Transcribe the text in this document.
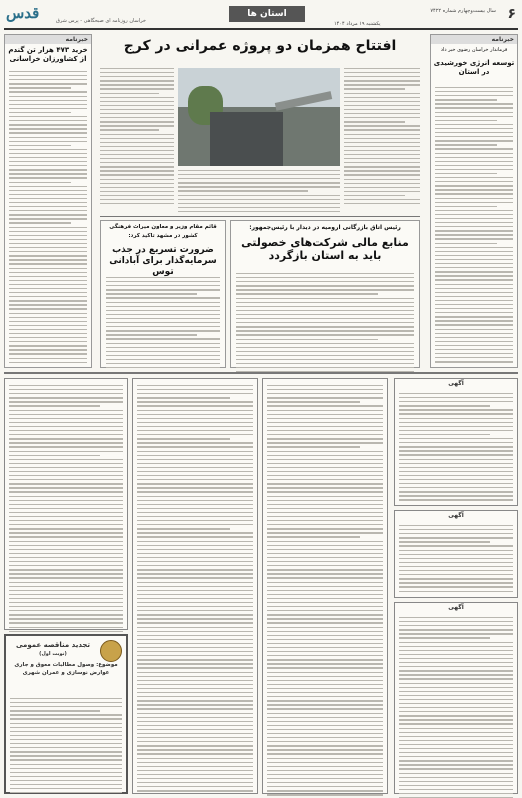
۶
سال بیست‌وچهارم شماره ۷۴۲۲
استان ها
یکشنبه ۱۹ مرداد ۱۴۰۴
قدس	خراسان روزنامه ای صبحگاهی - پرس شرق
خبرنامه
فرماندار خراسان رضوی خبر داد
توسعه انرژی خورشیدی در استان
خبرنامه
خرید ۴۷۳ هزار تن گندم از کشاورزان خراسانی
افتتاح همزمان دو پروژه عمرانی در کرج
رئیس اتاق بازرگانی ارومیه در دیدار با رئیس‌جمهور:
منابع مالی شرکت‌های خصولتی باید به استان بازگردد
قائم مقام وزیر و معاون میراث فرهنگی کشور در مشهد تاکید کرد:
ضرورت تسریع در جذب سرمایه‌گذار برای آبادانی توس
آگهی
آگهی
آگهی
تجدید مناقصه عمومی
(نوبت اول)
موضوع: وصول مطالبات معوق و جاری عوارض نوسازی و عمران شهری
